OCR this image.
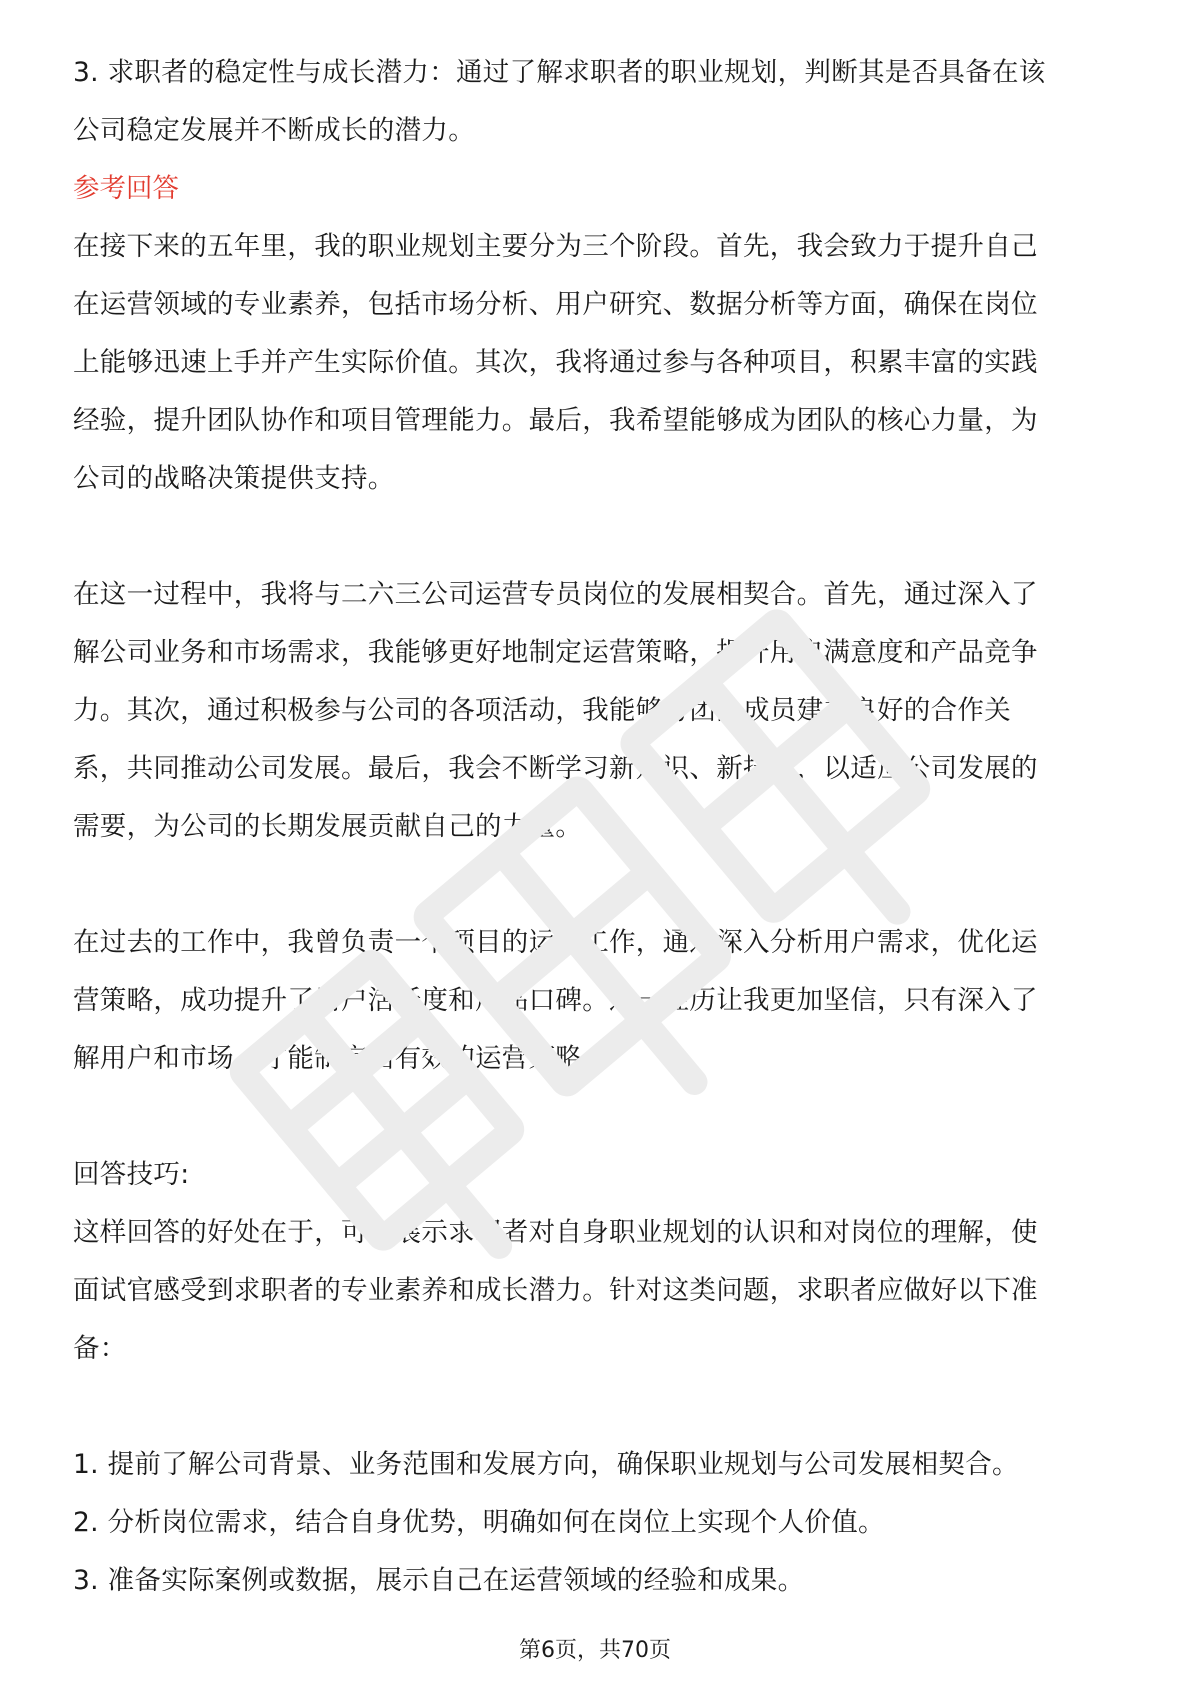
3. 求职者的稳定性与成长潜力：通过了解求职者的职业规划，判断其是否具备在该
公司稳定发展并不断成长的潜力。
参考回答
在接下来的五年里，我的职业规划主要分为三个阶段。首先，我会致力于提升自己
在运营领域的专业素养，包括市场分析、用户研究、数据分析等方面，确保在岗位
上能够迅速上手并产生实际价值。其次，我将通过参与各种项目，积累丰富的实践
经验，提升团队协作和项目管理能力。最后，我希望能够成为团队的核心力量，为
公司的战略决策提供支持。
在这一过程中，我将与二六三公司运营专员岗位的发展相契合。首先，通过深入了
解公司业务和市场需求，我能够更好地制定运营策略，提升用户满意度和产品竞争
力。其次，通过积极参与公司的各项活动，我能够与团队成员建立良好的合作关
系，共同推动公司发展。最后，我会不断学习新知识、新技能，以适应公司发展的
需要，为公司的长期发展贡献自己的力量。
在过去的工作中，我曾负责一个项目的运营工作，通过深入分析用户需求，优化运
营策略，成功提升了用户活跃度和产品口碑。这一经历让我更加坚信，只有深入了
解用户和市场，才能制定出有效的运营策略。
回答技巧:
这样回答的好处在于，可以展示求职者对自身职业规划的认识和对岗位的理解，使
面试官感受到求职者的专业素养和成长潜力。针对这类问题，求职者应做好以下准
备：
1. 提前了解公司背景、业务范围和发展方向，确保职业规划与公司发展相契合。
2. 分析岗位需求，结合自身优势，明确如何在岗位上实现个人价值。
3. 准备实际案例或数据，展示自己在运营领域的经验和成果。
第6页，共70页
